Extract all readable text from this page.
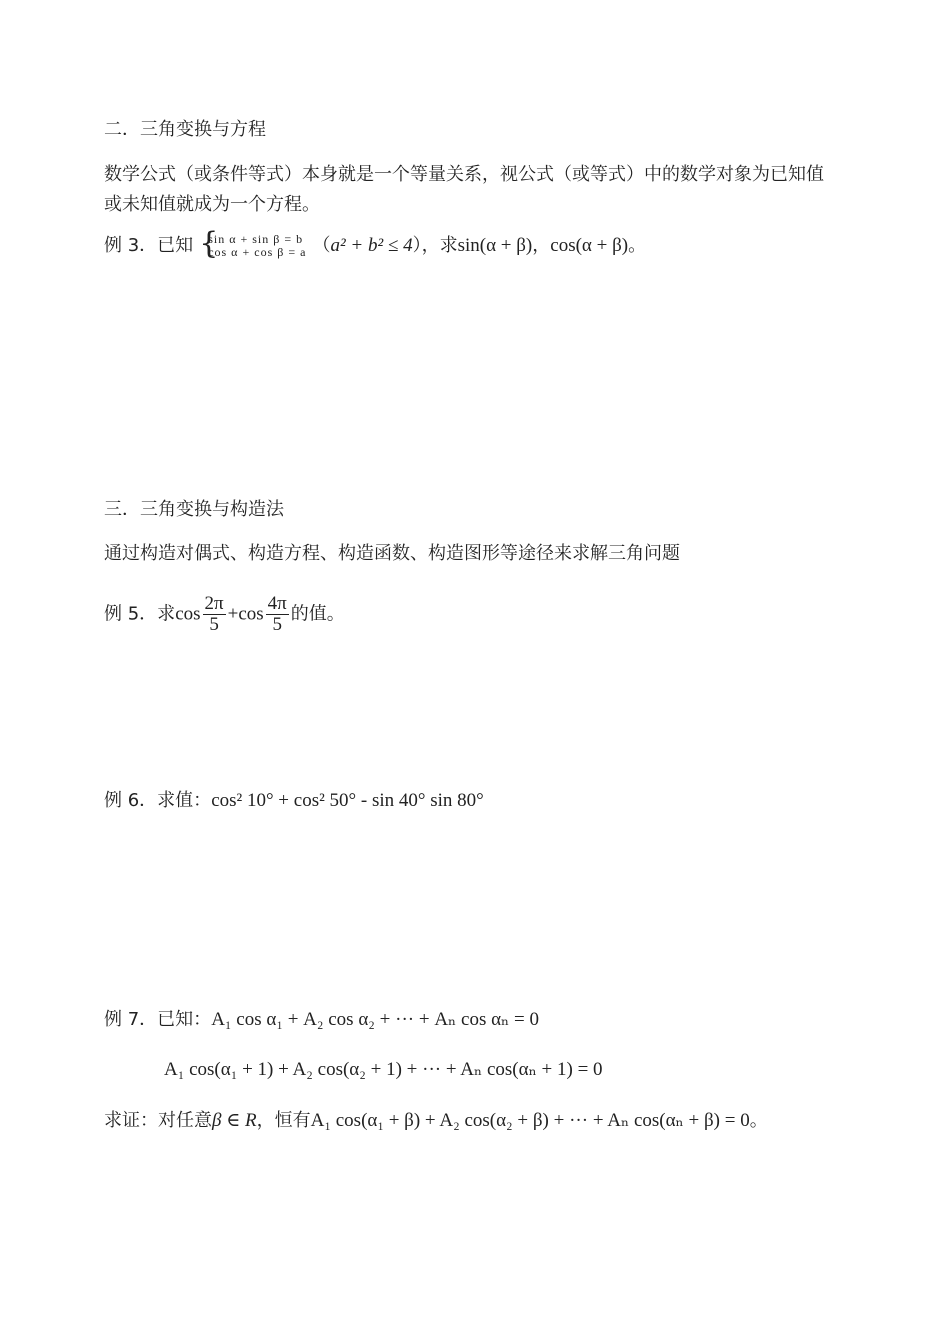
二．三角变换与方程
数学公式（或条件等式）本身就是一个等量关系，视公式（或等式）中的数学对象为已知值
或未知值就成为一个方程。
例 3．已知 {
sin α + sin β = b
cos α + cos β = a （a² + b² ≤ 4），求sin(α + β)，cos(α + β)。
三．三角变换与构造法
通过构造对偶式、构造方程、构造函数、构造图形等途径来求解三角问题
例 5．求$\cos \frac{2\pi}{5} +\cos \frac{4\pi}{5}$ 的值。
例 6．求值：cos² 10° + cos² 50° - sin 40° sin 80°
例 7．已知：A₁ cos α₁ + A₂ cos α₂ + ··· + Aₙ cos αₙ = 0
A₁ cos(α₁ + 1) + A₂ cos(α₂ + 1) + ··· + Aₙ cos(αₙ + 1) = 0
求证：对任意β ∈ R，恒有A₁ cos(α₁ + β) + A₂ cos(α₂ + β) + ··· + Aₙ cos(αₙ + β) = 0。
